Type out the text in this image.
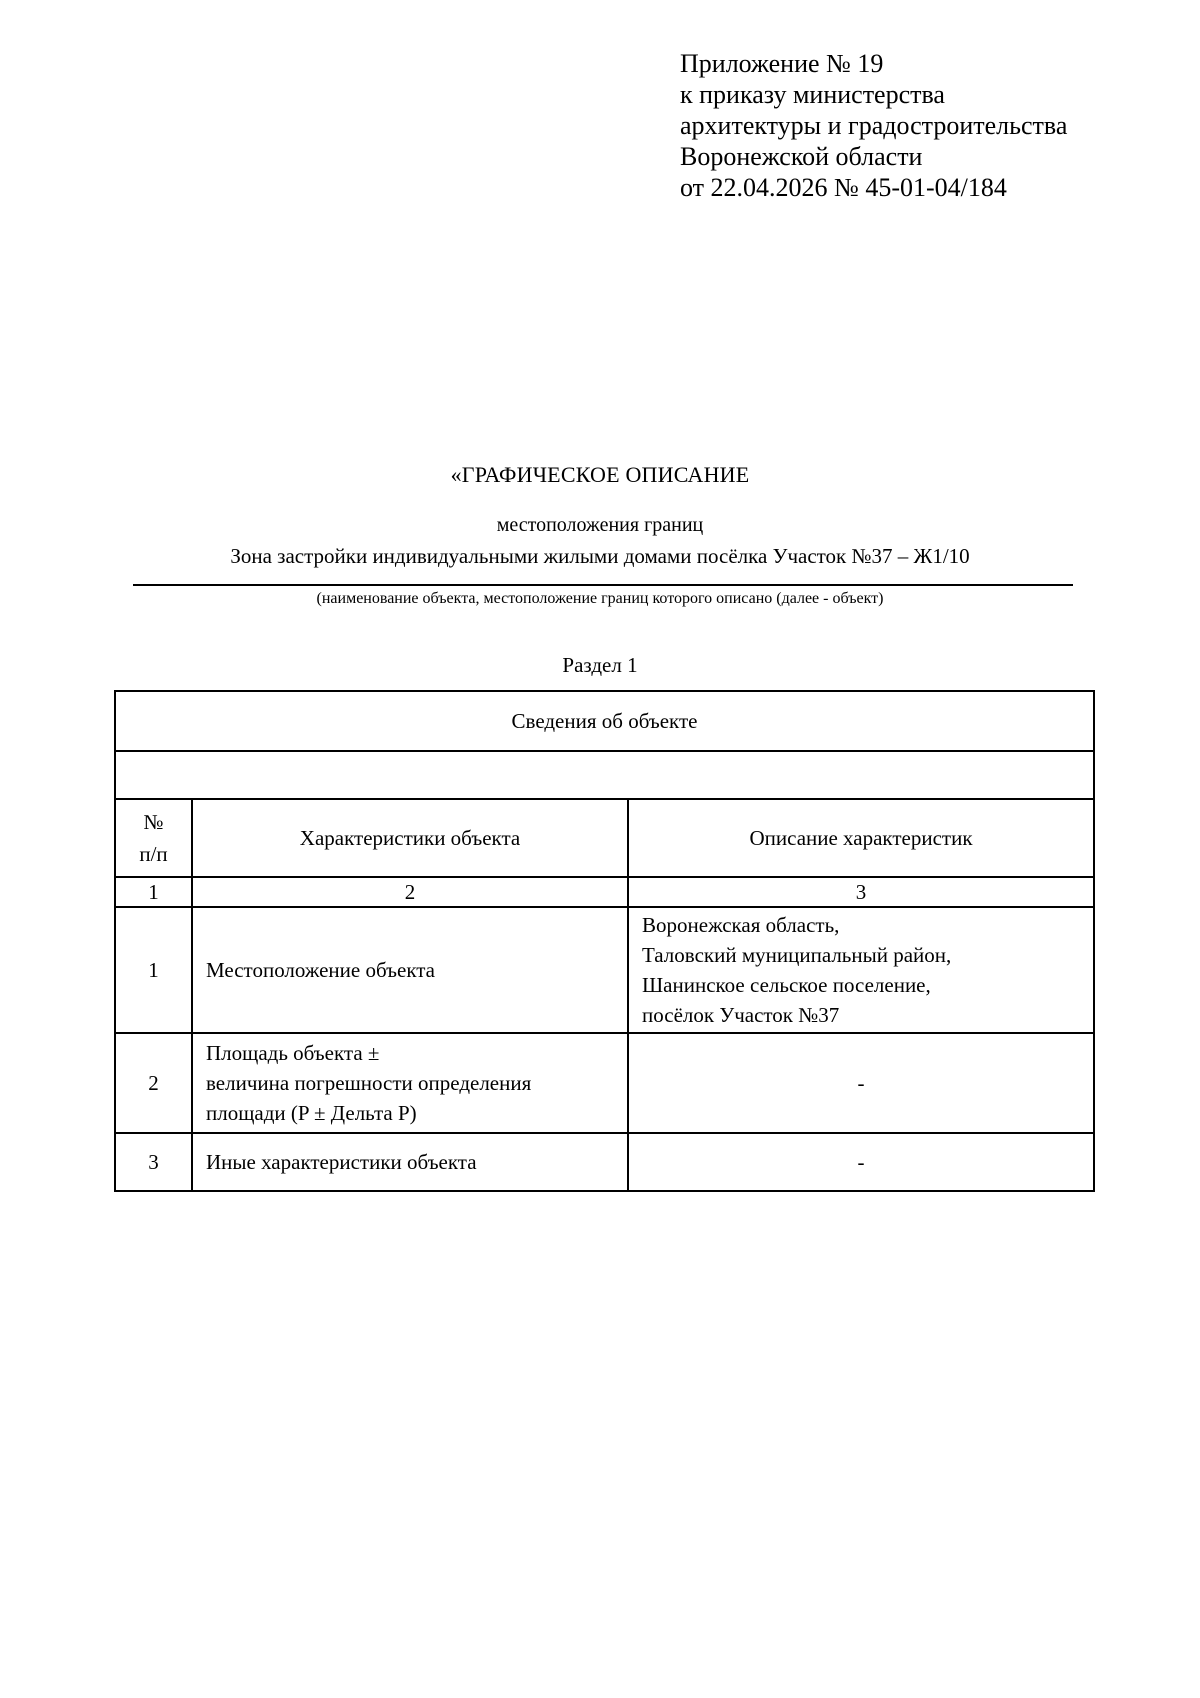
Приложение № 19
к приказу министерства
архитектуры и градостроительства
Воронежской области
от 22.04.2026 № 45-01-04/184
«ГРАФИЧЕСКОЕ ОПИСАНИЕ
местоположения границ
Зона застройки индивидуальными жилыми домами посёлка Участок №37 – Ж1/10
(наименование объекта, местоположение границ которого описано (далее - объект)
Раздел 1
Сведения об объекте		

№
п/п	Характеристики объекта	Описание характеристик
1	2	3
1	Местоположение объекта	Воронежская область,
Таловский муниципальный район,
Шанинское сельское поселение,
посёлок Участок №37

2	Площадь объекта ±
величина погрешности определения
площади (P ± Дельта P)	-
3	Иные характеристики объекта	-
